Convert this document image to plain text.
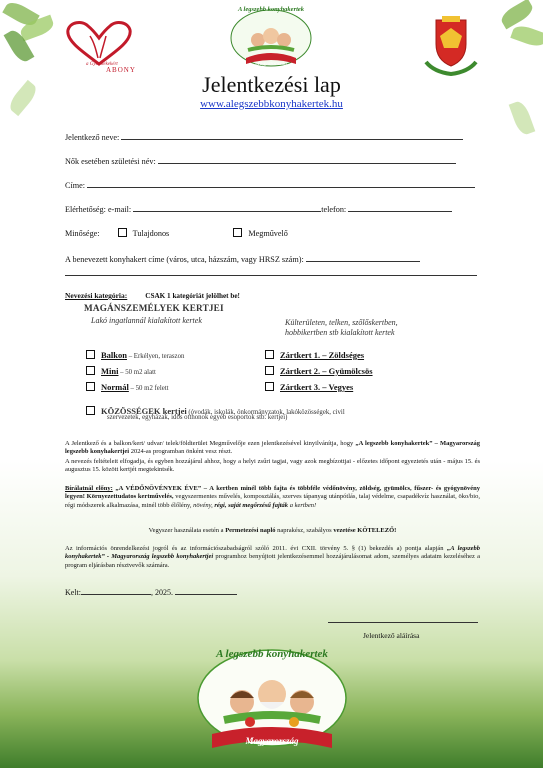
a Gyermekekért
ABONY
A legszebb konyhakertek
Magyarország
Jelentkezési lap
www.alegszebbkonyhakertek.hu
Jelentkező neve:
Nők esetében születési név:
Címe:
Elérhetőség: e-mail:	telefon:
Minősége:	Tulajdonos	Megművelő
A benevezett konyhakert címe (város, utca, házszám, vagy HRSZ szám):
Nevezési kategória:	CSAK 1 kategóriát jelölhet be!
MAGÁNSZEMÉLYEK KERTJEI
Lakó ingatlannál kialakított kertek	Külterületen, telken, szőlőskertben,
hobbikertben stb kialakított kertek
Balkon – Erkélyen, teraszon
Mini – 50 m2 alatt
Normál – 50 m2 felett
Zártkert 1. – Zöldséges
Zártkert 2. – Gyümölcsös
Zártkert 3. – Vegyes
KÖZÖSSÉGEK kertjei (óvodák, iskolák, önkormányzatok, lakóközösségek, civil
szervezetek, egyházak, idős otthonok egyéb esoportok stb. kertjei)
A Jelentkező és a balkon/kert/ udvar/ telek/földterület Megművelője ezen jelentkezésével kinyilvánítja, hogy „A legszebb konyhakertek” – Magyarország legszebb konyhakertjei 2024-as programban önként vesz részt.
A nevezés feltételeit elfogadja, és egyben hozzájárul ahhoz, hogy a helyi zsűri tagjai, vagy azok megbízottjai - előzetes időpont egyeztetés után - május 15. és augusztus 15. között kertjét megtekintsék.
Bírálatnál előny: „A VÉDŐNÖVÉNYEK ÉVE” – A kertben minél több fajta és többféle védőnövény, zöldség, gyümölcs, fűszer- és gyógynövény legyen! Környezettudatos kertművelés, vegyszermentes művelés, komposztálás, szerves tápanyag utánpótlás, talaj védelme, csapadékvíz használat, öko/bio, régi módszerek alkalmazása, minél több élőlény, növény, régi, saját megőrzésű fajták a kertben!
Vegyszer használata esetén a Permetezési napló naprakész, szabályos vezetése KÖTELEZŐ!
Az információs önrendelkezési jogról és az információszabadságról szóló 2011. évi CXII. törvény 5. § (1) bekezdés a) pontja alapján „A legszebb konyhakertek” - Magyarország legszebb konyhakertjei programhoz benyújtott jelentkezésemmel hozzájárulásomat adom, személyes adataim kezeléséhez a program eljárásban résztvevők számára.
Kelt:	, 2025.
Jelentkező aláírása
A legszebb konyhakertek
Magyarország
